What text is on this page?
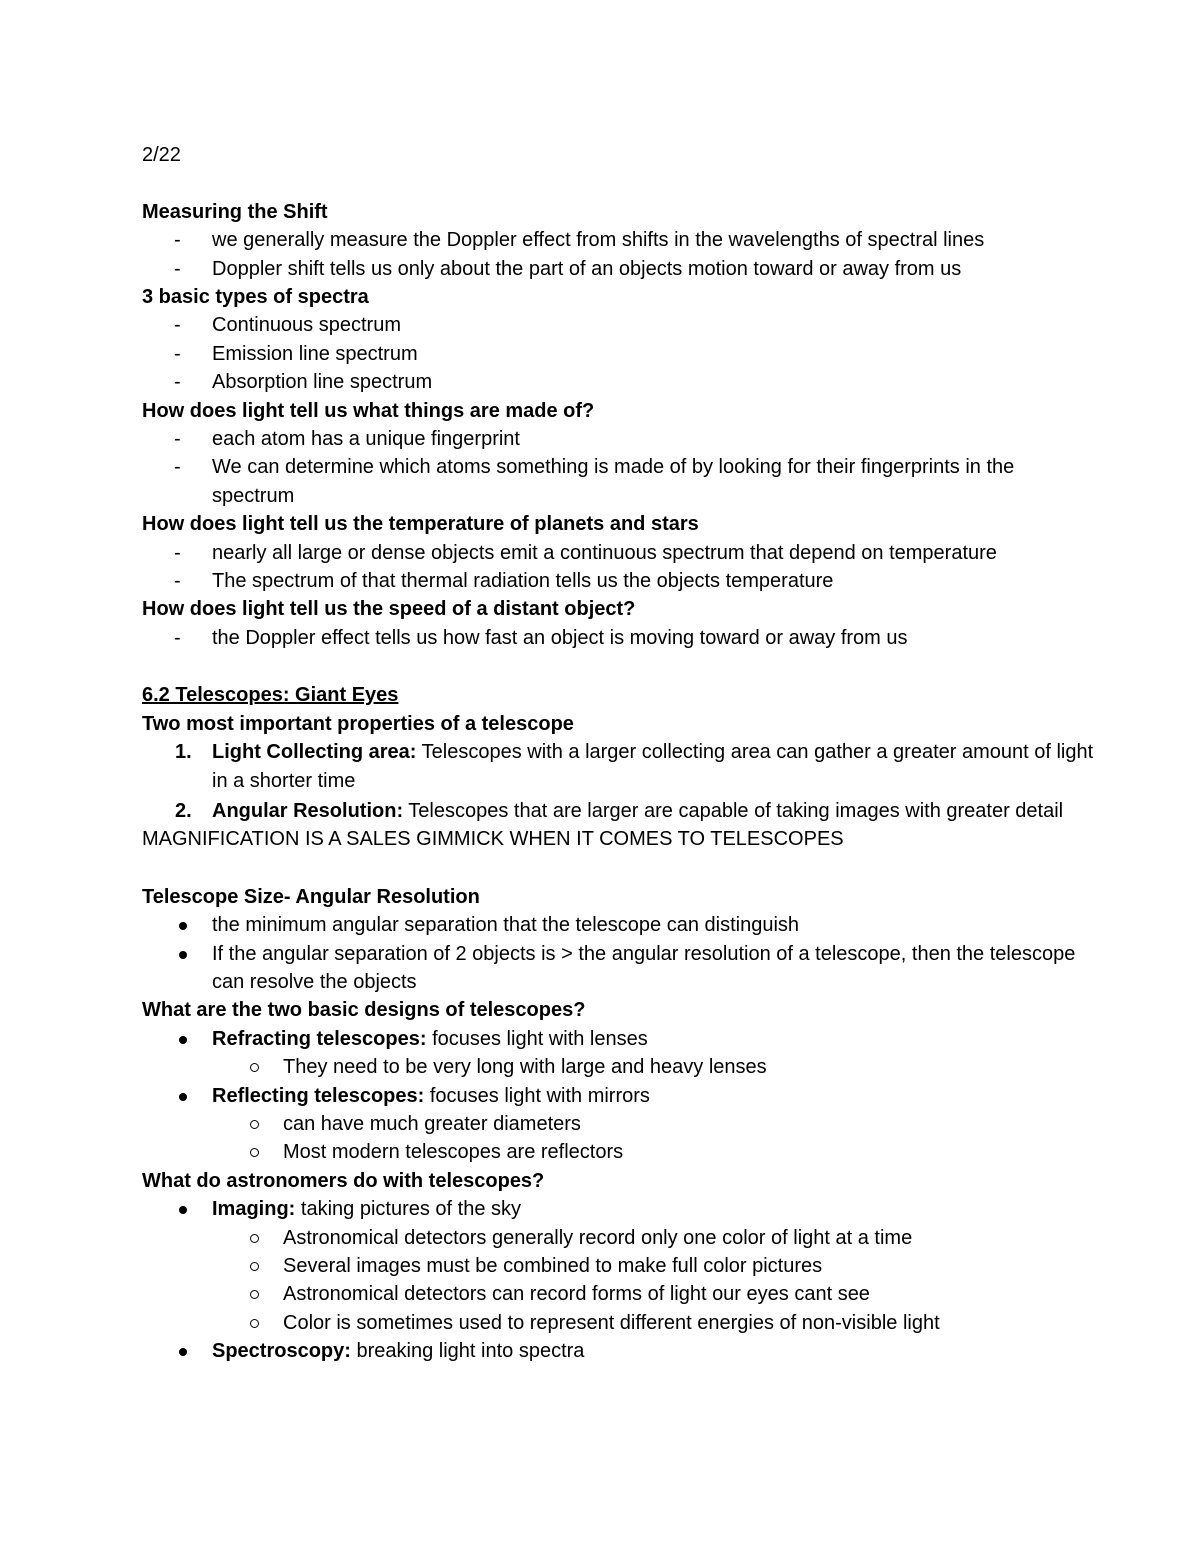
2/22
Measuring the Shift
- we generally measure the Doppler effect from shifts in the wavelengths of spectral lines
- Doppler shift tells us only about the part of an objects motion toward or away from us
3 basic types of spectra
- Continuous spectrum
- Emission line spectrum
- Absorption line spectrum
How does light tell us what things are made of?
- each atom has a unique fingerprint
- We can determine which atoms something is made of by looking for their fingerprints in the spectrum
How does light tell us the temperature of planets and stars
- nearly all large or dense objects emit a continuous spectrum that depend on temperature
- The spectrum of that thermal radiation tells us the objects temperature
How does light tell us the speed of a distant object?
- the Doppler effect tells us how fast an object is moving toward or away from us
6.2 Telescopes: Giant Eyes
Two most important properties of a telescope
1. Light Collecting area: Telescopes with a larger collecting area can gather a greater amount of light in a shorter time
2. Angular Resolution: Telescopes that are larger are capable of taking images with greater detail
MAGNIFICATION IS A SALES GIMMICK WHEN IT COMES TO TELESCOPES
Telescope Size- Angular Resolution
the minimum angular separation that the telescope can distinguish
If the angular separation of 2 objects is > the angular resolution of a telescope, then the telescope can resolve the objects
What are the two basic designs of telescopes?
Refracting telescopes: focuses light with lenses
They need to be very long with large and heavy lenses
Reflecting telescopes: focuses light with mirrors
can have much greater diameters
Most modern telescopes are reflectors
What do astronomers do with telescopes?
Imaging: taking pictures of the sky
Astronomical detectors generally record only one color of light at a time
Several images must be combined to make full color pictures
Astronomical detectors can record forms of light our eyes cant see
Color is sometimes used to represent different energies of non-visible light
Spectroscopy: breaking light into spectra
